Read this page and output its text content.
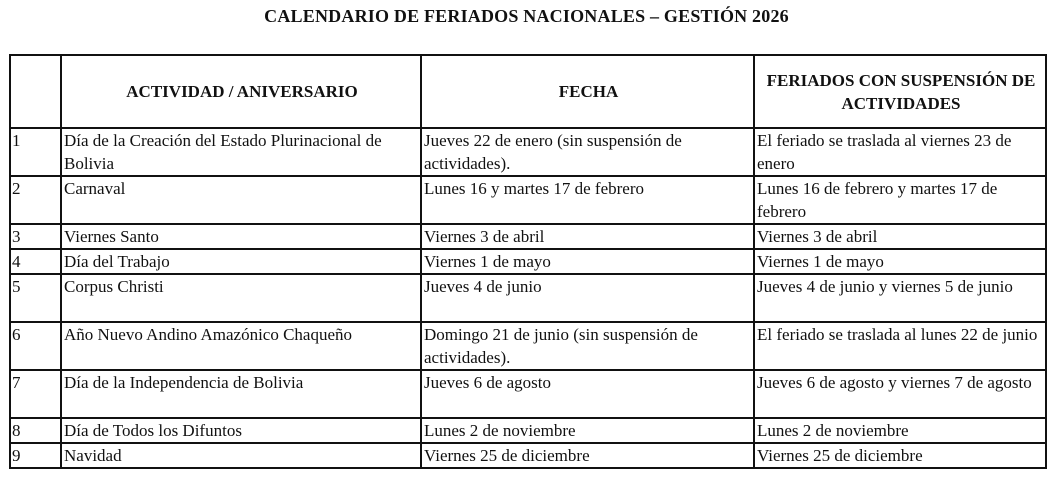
CALENDARIO DE FERIADOS NACIONALES – GESTIÓN 2026
	ACTIVIDAD / ANIVERSARIO	FECHA	FERIADOS CON SUSPENSIÓN DE ACTIVIDADES
1	Día de la Creación del Estado Plurinacional de Bolivia	Jueves 22 de enero (sin suspensión de actividades).	El feriado se traslada al viernes 23 de enero
2	Carnaval	Lunes 16 y martes 17 de febrero	Lunes 16 de febrero y martes 17 de febrero
3	Viernes Santo	Viernes 3 de abril	Viernes 3 de abril
4	Día del Trabajo	Viernes 1 de mayo	Viernes 1 de mayo
5	Corpus Christi	Jueves 4 de junio	Jueves 4 de junio y viernes 5 de junio
6	Año Nuevo Andino Amazónico Chaqueño	Domingo 21 de junio (sin suspensión de actividades).	El feriado se traslada al lunes 22 de junio
7	Día de la Independencia de Bolivia	Jueves 6 de agosto	Jueves 6 de agosto y viernes 7 de agosto
8	Día de Todos los Difuntos	Lunes 2 de noviembre	Lunes 2 de noviembre
9	Navidad	Viernes 25 de diciembre	Viernes 25 de diciembre
